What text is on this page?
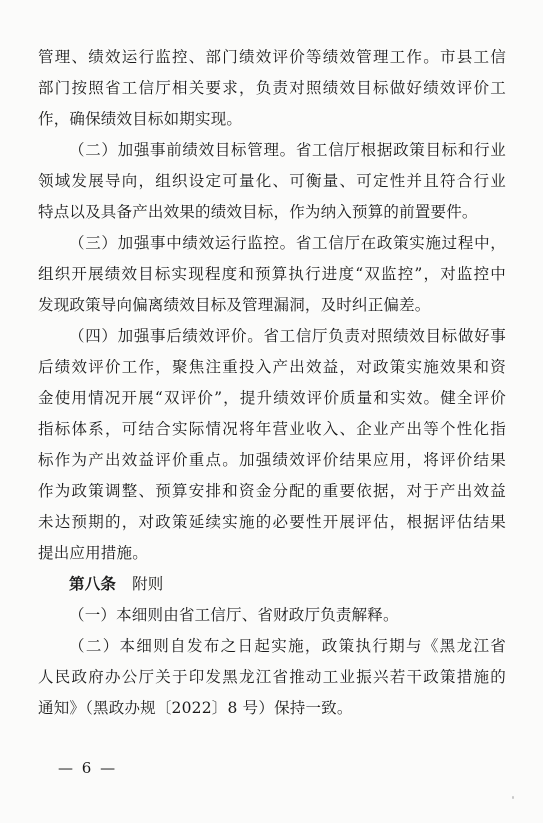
管理、绩效运行监控、部门绩效评价等绩效管理工作。市县工信
部门按照省工信厅相关要求，负责对照绩效目标做好绩效评价工
作，确保绩效目标如期实现。
（二）加强事前绩效目标管理。省工信厅根据政策目标和行业
领域发展导向，组织设定可量化、可衡量、可定性并且符合行业
特点以及具备产出效果的绩效目标，作为纳入预算的前置要件。
（三）加强事中绩效运行监控。省工信厅在政策实施过程中，
组织开展绩效目标实现程度和预算执行进度“双监控”，对监控中
发现政策导向偏离绩效目标及管理漏洞，及时纠正偏差。
（四）加强事后绩效评价。省工信厅负责对照绩效目标做好事
后绩效评价工作，聚焦注重投入产出效益，对政策实施效果和资
金使用情况开展“双评价”，提升绩效评价质量和实效。健全评价
指标体系，可结合实际情况将年营业收入、企业产出等个性化指
标作为产出效益评价重点。加强绩效评价结果应用，将评价结果
作为政策调整、预算安排和资金分配的重要依据，对于产出效益
未达预期的，对政策延续实施的必要性开展评估，根据评估结果
提出应用措施。
第八条 附则
（一）本细则由省工信厅、省财政厅负责解释。
（二）本细则自发布之日起实施，政策执行期与《黑龙江省
人民政府办公厅关于印发黑龙江省推动工业振兴若干政策措施的
通知》（黑政办规〔2022〕8 号）保持一致。
— 6 —
